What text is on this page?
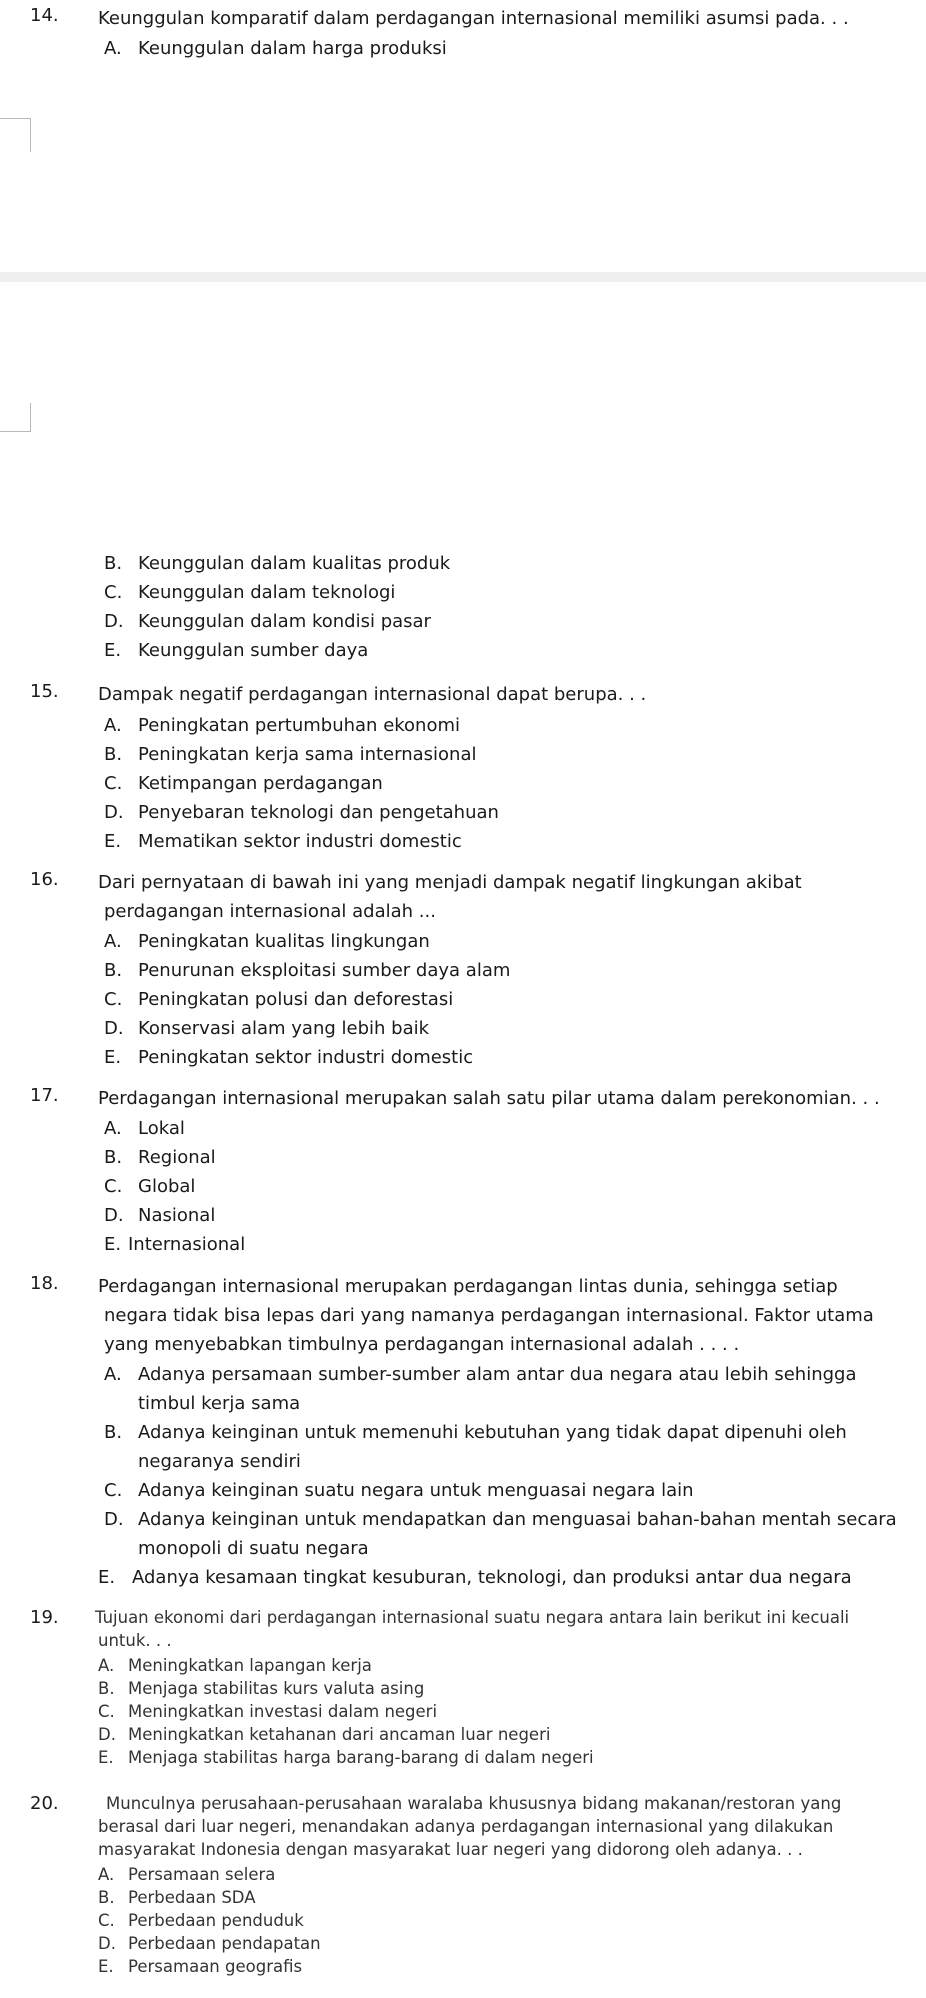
14. Keunggulan komparatif dalam perdagangan internasional memiliki asumsi pada. . .
A. Keunggulan dalam harga produksi
B. Keunggulan dalam kualitas produk
C. Keunggulan dalam teknologi
D. Keunggulan dalam kondisi pasar
E. Keunggulan sumber daya
15. Dampak negatif perdagangan internasional dapat berupa. . .
A. Peningkatan pertumbuhan ekonomi
B. Peningkatan kerja sama internasional
C. Ketimpangan perdagangan
D. Penyebaran teknologi dan pengetahuan
E. Mematikan sektor industri domestic
16. Dari pernyataan di bawah ini yang menjadi dampak negatif lingkungan akibat
perdagangan internasional adalah ...
A. Peningkatan kualitas lingkungan
B. Penurunan eksploitasi sumber daya alam
C. Peningkatan polusi dan deforestasi
D. Konservasi alam yang lebih baik
E. Peningkatan sektor industri domestic
17. Perdagangan internasional merupakan salah satu pilar utama dalam perekonomian. . .
A. Lokal
B. Regional
C. Global
D. Nasional
E. Internasional
18. Perdagangan internasional merupakan perdagangan lintas dunia, sehingga setiap
negara tidak bisa lepas dari yang namanya perdagangan internasional. Faktor utama
yang menyebabkan timbulnya perdagangan internasional adalah . . . .
A. Adanya persamaan sumber-sumber alam antar dua negara atau lebih sehingga
timbul kerja sama
B. Adanya keinginan untuk memenuhi kebutuhan yang tidak dapat dipenuhi oleh
negaranya sendiri
C. Adanya keinginan suatu negara untuk menguasai negara lain
D. Adanya keinginan untuk mendapatkan dan menguasai bahan-bahan mentah secara
monopoli di suatu negara
E. Adanya kesamaan tingkat kesuburan, teknologi, dan produksi antar dua negara
19. Tujuan ekonomi dari perdagangan internasional suatu negara antara lain berikut ini kecuali
untuk. . .
A. Meningkatkan lapangan kerja
B. Menjaga stabilitas kurs valuta asing
C. Meningkatkan investasi dalam negeri
D. Meningkatkan ketahanan dari ancaman luar negeri
E. Menjaga stabilitas harga barang-barang di dalam negeri
20.	Munculnya perusahaan-perusahaan waralaba khususnya bidang makanan/restoran yang
berasal dari luar negeri, menandakan adanya perdagangan internasional yang dilakukan
masyarakat Indonesia dengan masyarakat luar negeri yang didorong oleh adanya. . .
A. Persamaan selera
B. Perbedaan SDA
C. Perbedaan penduduk
D. Perbedaan pendapatan
E. Persamaan geografis
